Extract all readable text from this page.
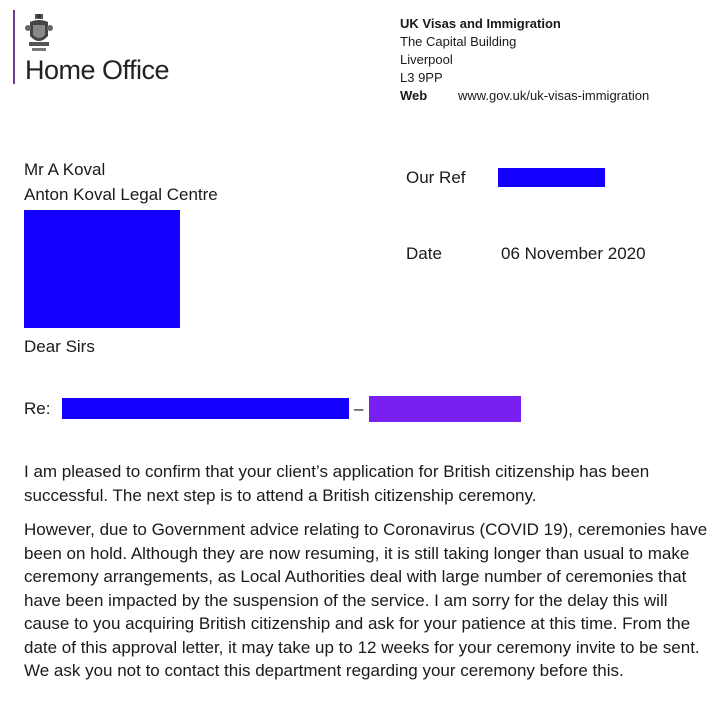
Home Office
UK Visas and Immigration
The Capital Building
Liverpool
L3 9PP
Web www.gov.uk/uk-visas-immigration
Mr A Koval
Anton Koval Legal Centre
Our Ref
Date	06 November 2020
Dear Sirs
Re:	–
I am pleased to confirm that your client’s application for British citizenship has been successful. The next step is to attend a British citizenship ceremony.
However, due to Government advice relating to Coronavirus (COVID 19), ceremonies have been on hold. Although they are now resuming, it is still taking longer than usual to make ceremony arrangements, as Local Authorities deal with large number of ceremonies that have been impacted by the suspension of the service. I am sorry for the delay this will cause to you acquiring British citizenship and ask for your patience at this time. From the date of this approval letter, it may take up to 12 weeks for your ceremony invite to be sent. We ask you not to contact this department regarding your ceremony before this.
